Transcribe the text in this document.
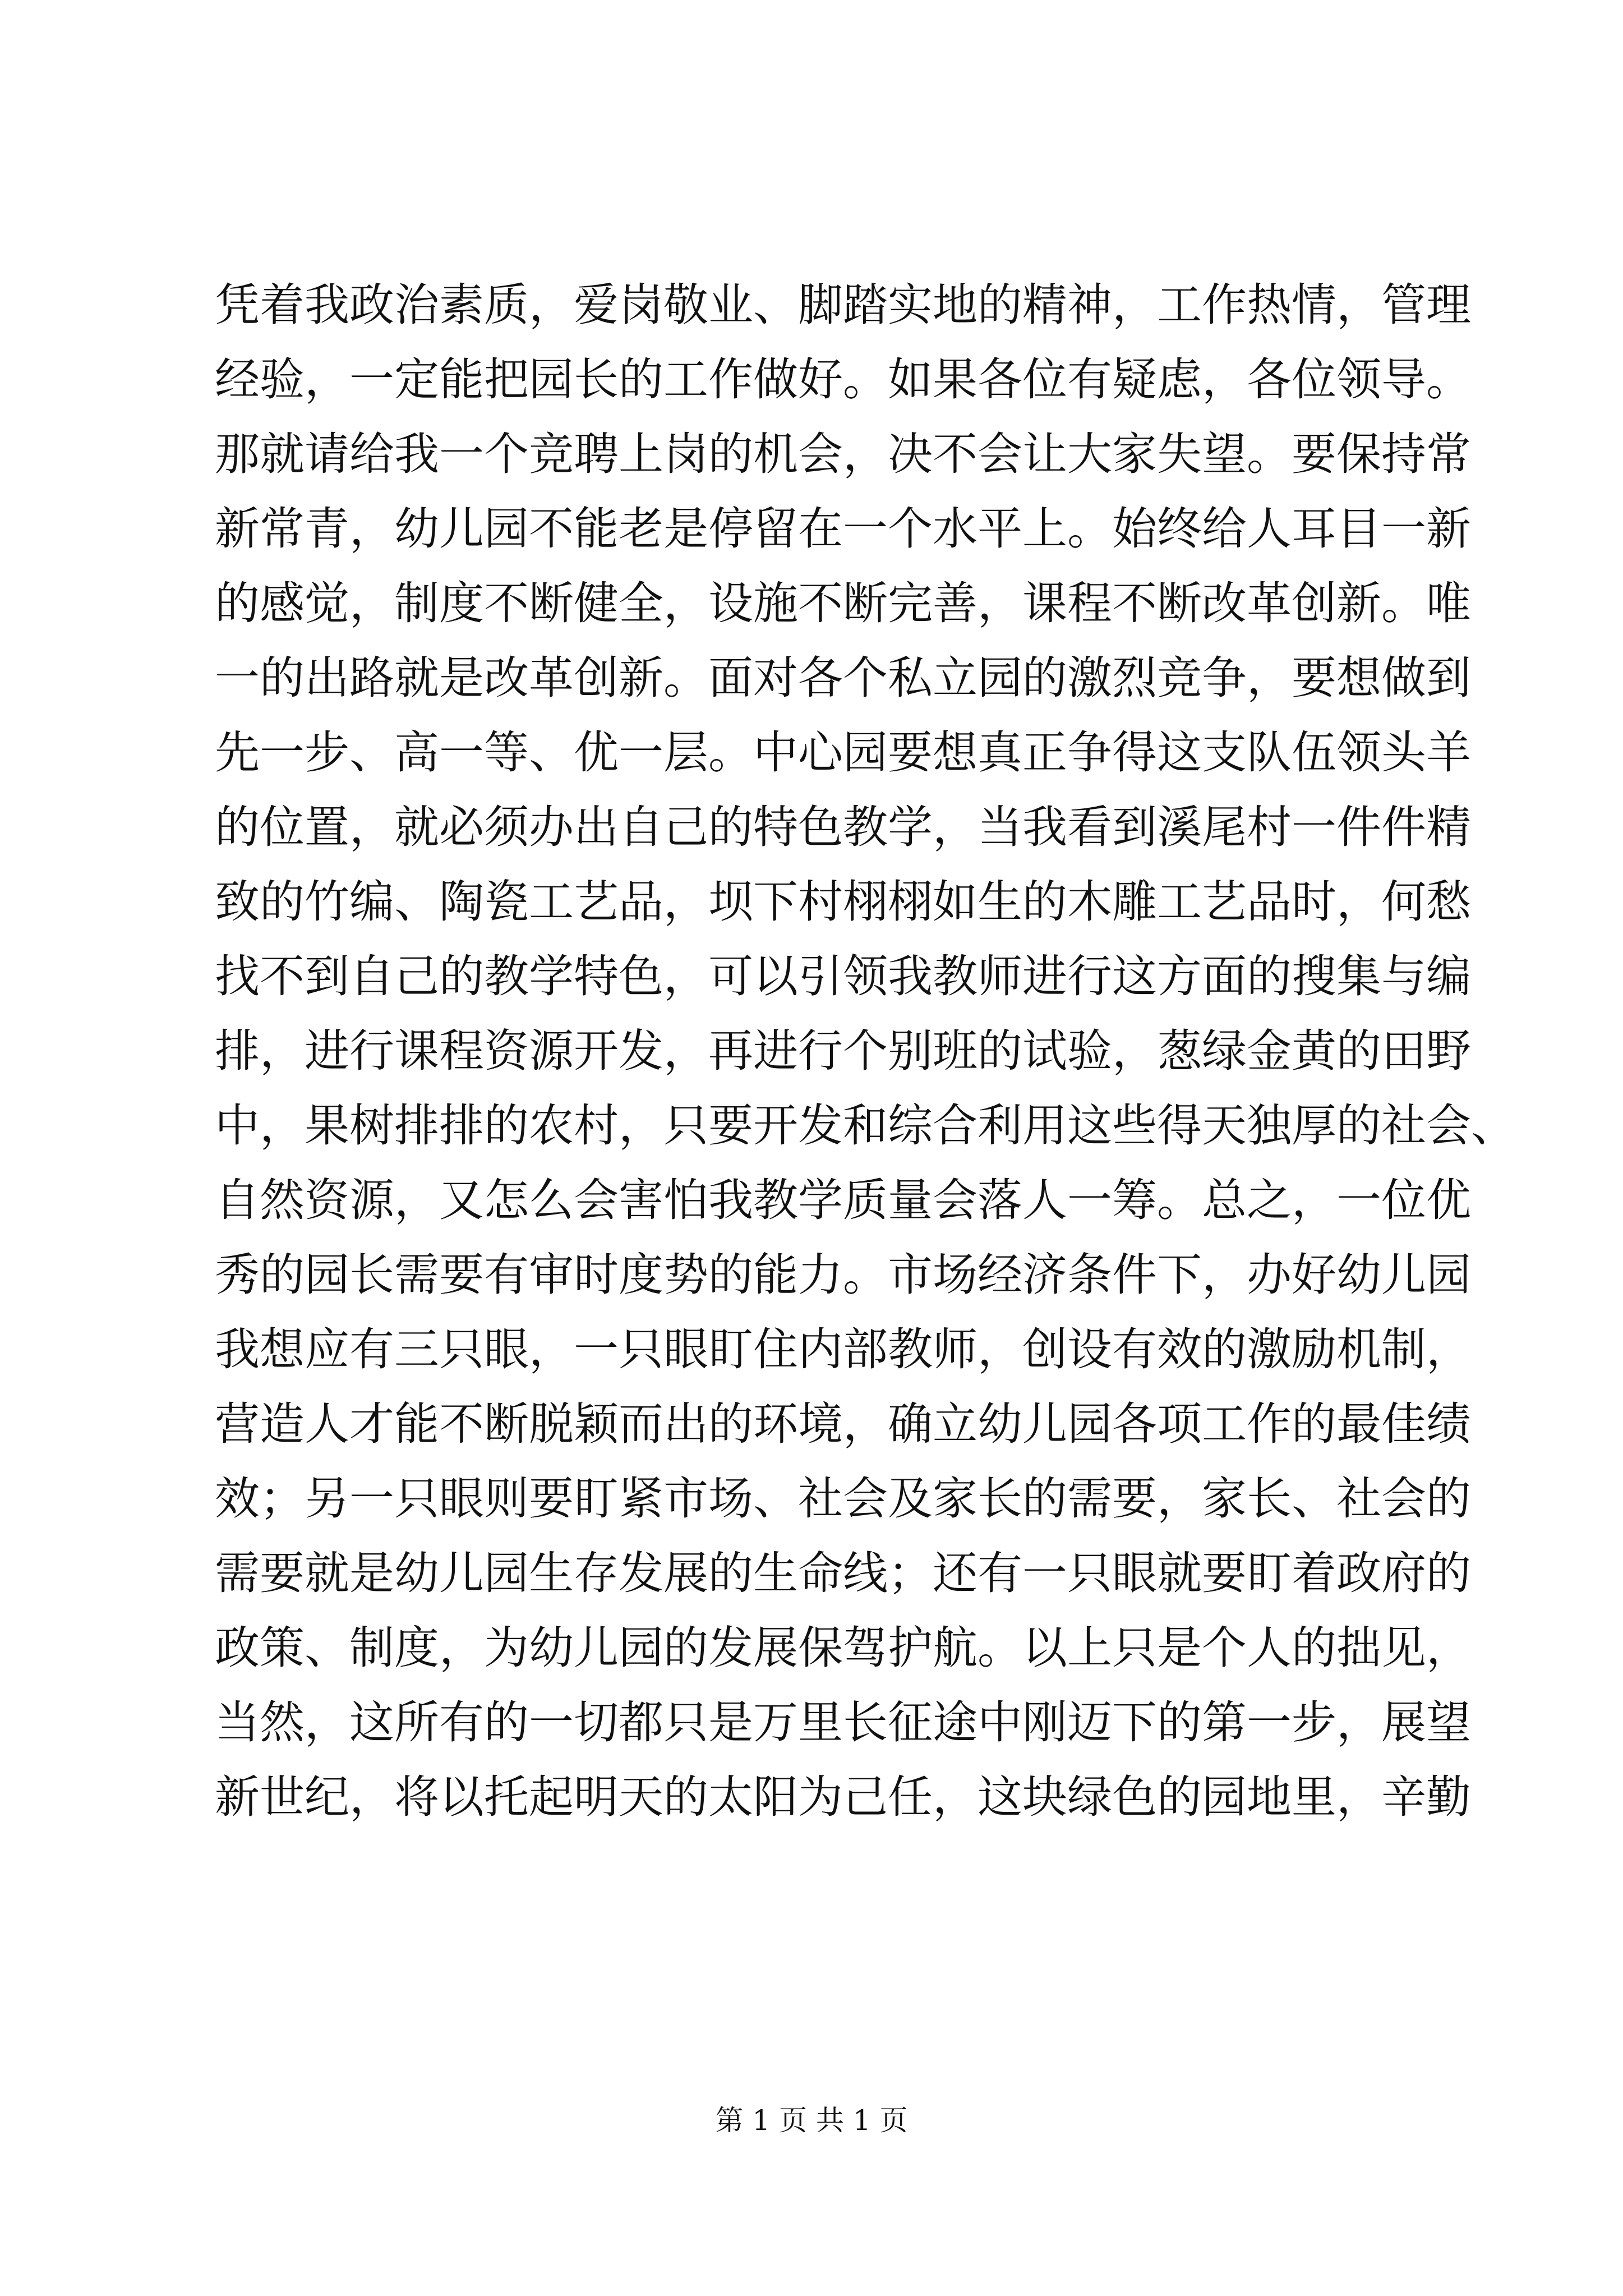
凭着我政治素质，爱岗敬业、脚踏实地的精神，工作热情，管理
经验，一定能把园长的工作做好。如果各位有疑虑，各位领导。
那就请给我一个竞聘上岗的机会，决不会让大家失望。要保持常
新常青，幼儿园不能老是停留在一个水平上。始终给人耳目一新
的感觉，制度不断健全，设施不断完善，课程不断改革创新。唯
一的出路就是改革创新。面对各个私立园的激烈竞争，要想做到
先一步、高一等、优一层。中心园要想真正争得这支队伍领头羊
的位置，就必须办出自己的特色教学，当我看到溪尾村一件件精
致的竹编、陶瓷工艺品，坝下村栩栩如生的木雕工艺品时，何愁
找不到自己的教学特色，可以引领我教师进行这方面的搜集与编
排，进行课程资源开发，再进行个别班的试验，葱绿金黄的田野
中，果树排排的农村，只要开发和综合利用这些得天独厚的社会、
自然资源，又怎么会害怕我教学质量会落人一筹。总之，一位优
秀的园长需要有审时度势的能力。市场经济条件下，办好幼儿园
我想应有三只眼，一只眼盯住内部教师，创设有效的激励机制，
营造人才能不断脱颖而出的环境，确立幼儿园各项工作的最佳绩
效；另一只眼则要盯紧市场、社会及家长的需要，家长、社会的
需要就是幼儿园生存发展的生命线；还有一只眼就要盯着政府的
政策、制度，为幼儿园的发展保驾护航。以上只是个人的拙见，
当然，这所有的一切都只是万里长征途中刚迈下的第一步，展望
新世纪，将以托起明天的太阳为己任，这块绿色的园地里，辛勤
第 1 页 共 1 页
